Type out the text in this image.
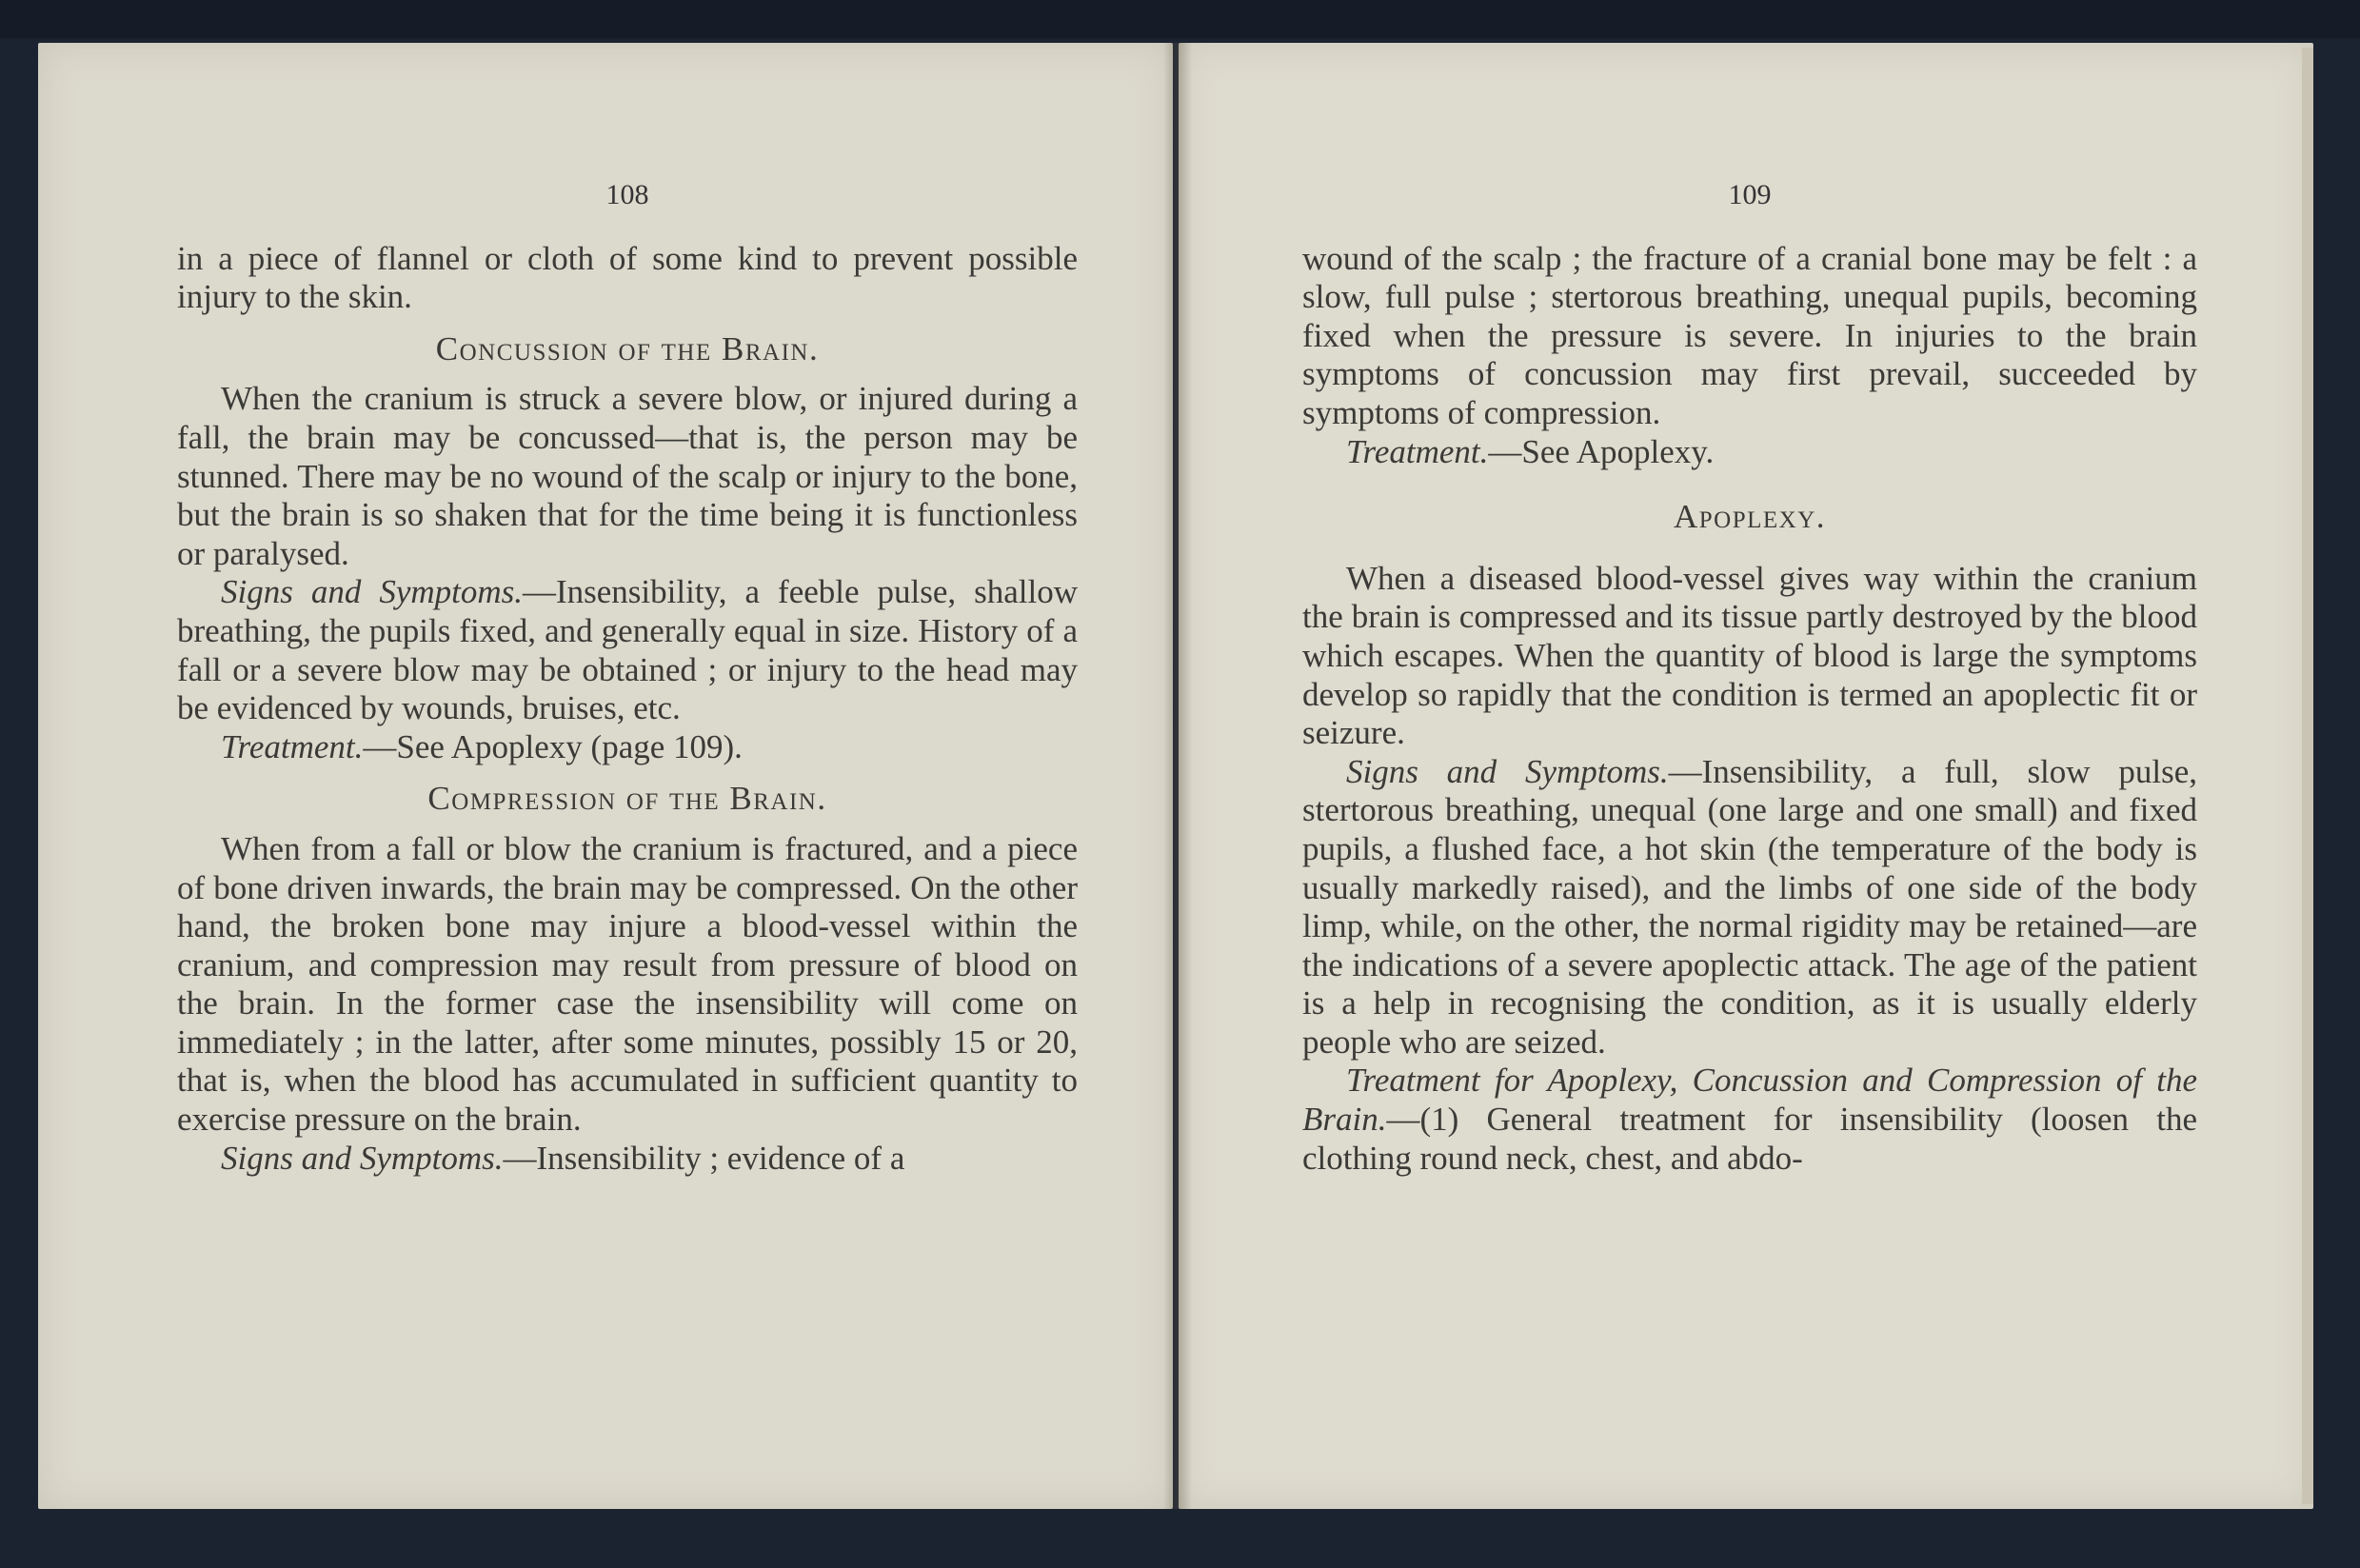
108

in a piece of flannel or cloth of some kind to prevent possible injury to the skin.

Concussion of the Brain.

When the cranium is struck a severe blow, or injured during a fall, the brain may be concussed—that is, the person may be stunned. There may be no wound of the scalp or injury to the bone, but the brain is so shaken that for the time being it is functionless or paralysed.

Signs and Symptoms.—Insensibility, a feeble pulse, shallow breathing, the pupils fixed, and generally equal in size. History of a fall or a severe blow may be obtained ; or injury to the head may be evidenced by wounds, bruises, etc.

Treatment.—See Apoplexy (page 109).

Compression of the Brain.

When from a fall or blow the cranium is fractured, and a piece of bone driven inwards, the brain may be compressed. On the other hand, the broken bone may injure a blood-vessel within the cranium, and compression may result from pressure of blood on the brain. In the former case the insensibility will come on immediately ; in the latter, after some minutes, possibly 15 or 20, that is, when the blood has accumulated in sufficient quantity to exercise pressure on the brain.

Signs and Symptoms.—Insensibility ; evidence of a

109

wound of the scalp ; the fracture of a cranial bone may be felt : a slow, full pulse ; stertorous breathing, unequal pupils, becoming fixed when the pressure is severe. In injuries to the brain symptoms of concussion may first prevail, succeeded by symptoms of compression.

Treatment.—See Apoplexy.

Apoplexy.

When a diseased blood-vessel gives way within the cranium the brain is compressed and its tissue partly destroyed by the blood which escapes. When the quantity of blood is large the symptoms develop so rapidly that the condition is termed an apoplectic fit or seizure.

Signs and Symptoms.—Insensibility, a full, slow pulse, stertorous breathing, unequal (one large and one small) and fixed pupils, a flushed face, a hot skin (the temperature of the body is usually markedly raised), and the limbs of one side of the body limp, while, on the other, the normal rigidity may be retained—are the indications of a severe apoplectic attack. The age of the patient is a help in recognising the condition, as it is usually elderly people who are seized.

Treatment for Apoplexy, Concussion and Compression of the Brain.—(1) General treatment for insensibility (loosen the clothing round neck, chest, and abdo-
